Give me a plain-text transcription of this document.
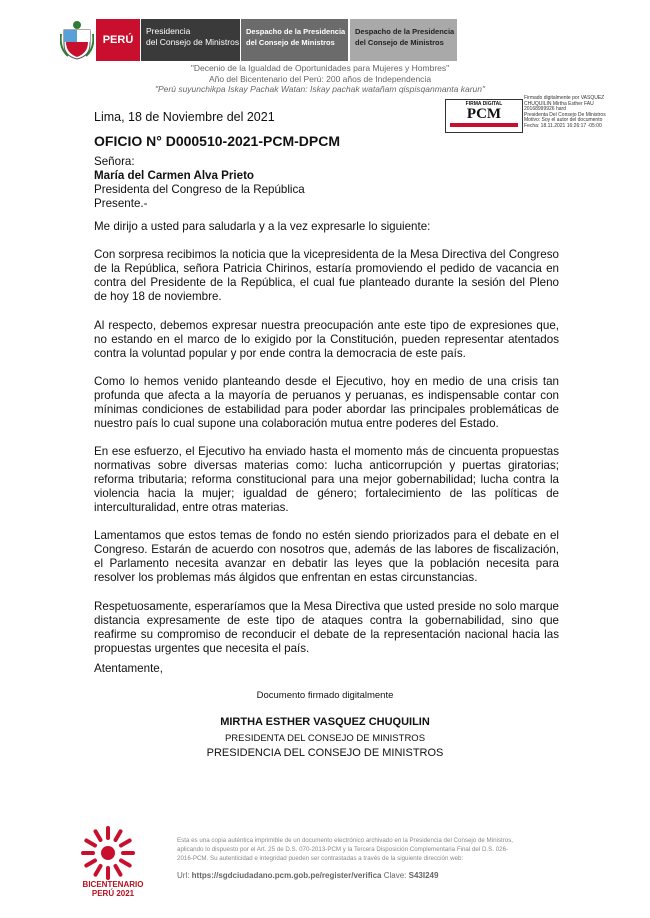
PERÚ
Presidencia
del Consejo de Ministros
Despacho de la Presidencia
del Consejo de Ministros
Despacho de la Presidencia
del Consejo de Ministros
"Decenio de la Igualdad de Oportunidades para Mujeres y Hombres"
Año del Bicentenario del Perú: 200 años de Independencia
"Perú suyunchikpa Iskay Pachak Watan: Iskay pachak watañam qispisqanmanta karun"
FIRMA DIGITAL
PCM
Firmado digitalmente por VASQUEZ
CHUQUILIN Mirtha Esther FAU
20168999926 hard
Presidenta Del Consejo De Ministros
Motivo: Soy el autor del documento
Fecha: 18.11.2021 16:26:17 -05:00
Lima, 18 de Noviembre del 2021
OFICIO N° D000510-2021-PCM-DPCM
Señora:
María del Carmen Alva Prieto
Presidenta del Congreso de la República
Presente.-
Me dirijo a usted para saludarla y a la vez expresarle lo siguiente:
Con sorpresa recibimos la noticia que la vicepresidenta de la Mesa Directiva del Congreso de la República, señora Patricia Chirinos, estaría promoviendo el pedido de vacancia en contra del Presidente de la República, el cual fue planteado durante la sesión del Pleno de hoy 18 de noviembre.
Al respecto, debemos expresar nuestra preocupación ante este tipo de expresiones que, no estando en el marco de lo exigido por la Constitución, pueden representar atentados contra la voluntad popular y por ende contra la democracia de este país.
Como lo hemos venido planteando desde el Ejecutivo, hoy en medio de una crisis tan profunda que afecta a la mayoría de peruanos y peruanas, es indispensable contar con mínimas condiciones de estabilidad para poder abordar las principales problemáticas de nuestro país lo cual supone una colaboración mutua entre poderes del Estado.
En ese esfuerzo, el Ejecutivo ha enviado hasta el momento más de cincuenta propuestas normativas sobre diversas materias como: lucha anticorrupción y puertas giratorias; reforma tributaria; reforma constitucional para una mejor gobernabilidad; lucha contra la violencia hacia la mujer; igualdad de género; fortalecimiento de las políticas de interculturalidad, entre otras materias.
Lamentamos que estos temas de fondo no estén siendo priorizados para el debate en el Congreso. Estarán de acuerdo con nosotros que, además de las labores de fiscalización, el Parlamento necesita avanzar en debatir las leyes que la población necesita para resolver los problemas más álgidos que enfrentan en estas circunstancias.
Respetuosamente, esperaríamos que la Mesa Directiva que usted preside no solo marque distancia expresamente de este tipo de ataques contra la gobernabilidad, sino que reafirme su compromiso de reconducir el debate de la representación nacional hacia las propuestas urgentes que necesita el país.
Atentamente,
Documento firmado digitalmente
MIRTHA ESTHER VASQUEZ CHUQUILIN
PRESIDENTA DEL CONSEJO DE MINISTROS
PRESIDENCIA DEL CONSEJO DE MINISTROS
BICENTENARIO
PERÚ 2021
Esta es una copia auténtica imprimible de un documento electrónico archivado en la Presidencia del Consejo de Ministros,
aplicando lo dispuesto por el Art. 25 de D.S. 070-2013-PCM y la Tercera Disposición Complementaria Final del D.S. 026-
2016-PCM. Su autenticidad e integridad pueden ser contrastadas a través de la siguiente dirección web:
Url: https://sgdciudadano.pcm.gob.pe/register/verifica Clave: S43I249
